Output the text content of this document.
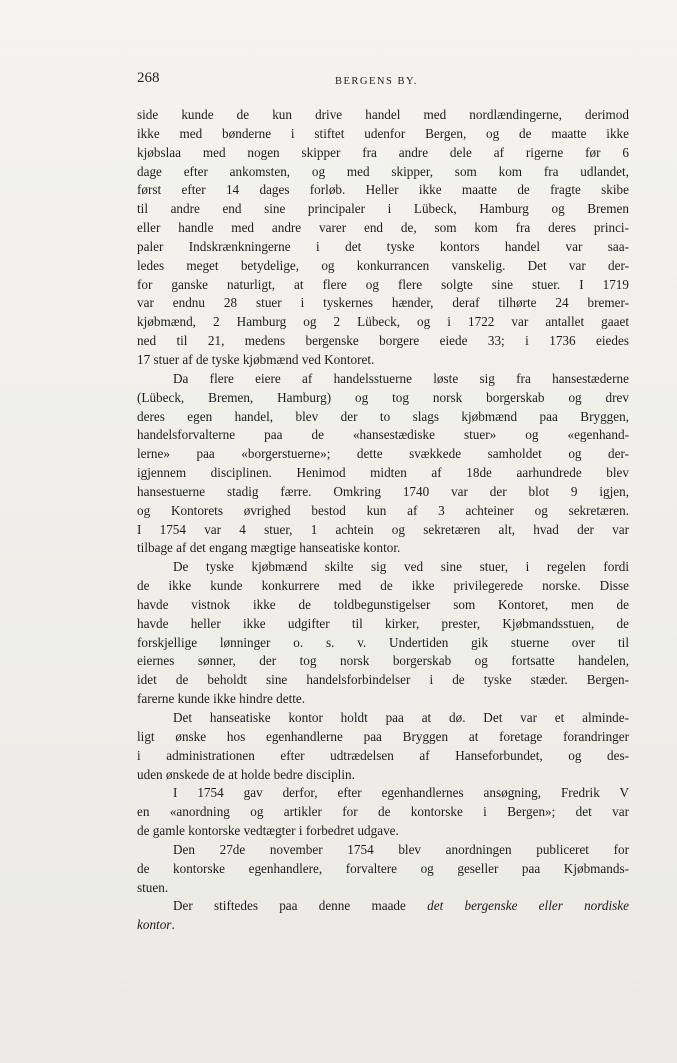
268	BERGENS BY.
side kunde de kun drive handel med nordlændingerne, derimod
ikke med bønderne i stiftet udenfor Bergen, og de maatte ikke
kjøbslaa med nogen skipper fra andre dele af rigerne før 6
dage efter ankomsten, og med skipper, som kom fra udlandet,
først efter 14 dages forløb. Heller ikke maatte de fragte skibe
til andre end sine principaler i Lübeck, Hamburg og Bremen
eller handle med andre varer end de, som kom fra deres princi-
paler Indskrænkningerne i det tyske kontors handel var saa-
ledes meget betydelige, og konkurrancen vanskelig. Det var der-
for ganske naturligt, at flere og flere solgte sine stuer. I 1719
var endnu 28 stuer i tyskernes hænder, deraf tilhørte 24 bremer-
kjøbmænd, 2 Hamburg og 2 Lübeck, og i 1722 var antallet gaaet
ned til 21, medens bergenske borgere eiede 33; i 1736 eiedes
17 stuer af de tyske kjøbmænd ved Kontoret.
Da flere eiere af handelsstuerne løste sig fra hansestæderne
(Lübeck, Bremen, Hamburg) og tog norsk borgerskab og drev
deres egen handel, blev der to slags kjøbmænd paa Bryggen,
handelsforvalterne paa de «hansestædiske stuer» og «egenhand-
lerne» paa «borgerstuerne»; dette svækkede samholdet og der-
igjennem disciplinen. Henimod midten af 18de aarhundrede blev
hansestuerne stadig færre. Omkring 1740 var der blot 9 igjen,
og Kontorets øvrighed bestod kun af 3 achteiner og sekretæren.
I 1754 var 4 stuer, 1 achtein og sekretæren alt, hvad der var
tilbage af det engang mægtige hanseatiske kontor.
De tyske kjøbmænd skilte sig ved sine stuer, i regelen fordi
de ikke kunde konkurrere med de ikke privilegerede norske. Disse
havde vistnok ikke de toldbegunstigelser som Kontoret, men de
havde heller ikke udgifter til kirker, prester, Kjøbmandsstuen, de
forskjellige lønninger o. s. v. Undertiden gik stuerne over til
eiernes sønner, der tog norsk borgerskab og fortsatte handelen,
idet de beholdt sine handelsforbindelser i de tyske stæder. Bergen-
farerne kunde ikke hindre dette.
Det hanseatiske kontor holdt paa at dø. Det var et alminde-
ligt ønske hos egenhandlerne paa Bryggen at foretage forandringer
i administrationen efter udtrædelsen af Hanseforbundet, og des-
uden ønskede de at holde bedre disciplin.
I 1754 gav derfor, efter egenhandlernes ansøgning, Fredrik V
en «anordning og artikler for de kontorske i Bergen»; det var
de gamle kontorske vedtægter i forbedret udgave.
Den 27de november 1754 blev anordningen publiceret for
de kontorske egenhandlere, forvaltere og geseller paa Kjøbmands-
stuen.
Der stiftedes paa denne maade det bergenske eller nordiske
kontor.
